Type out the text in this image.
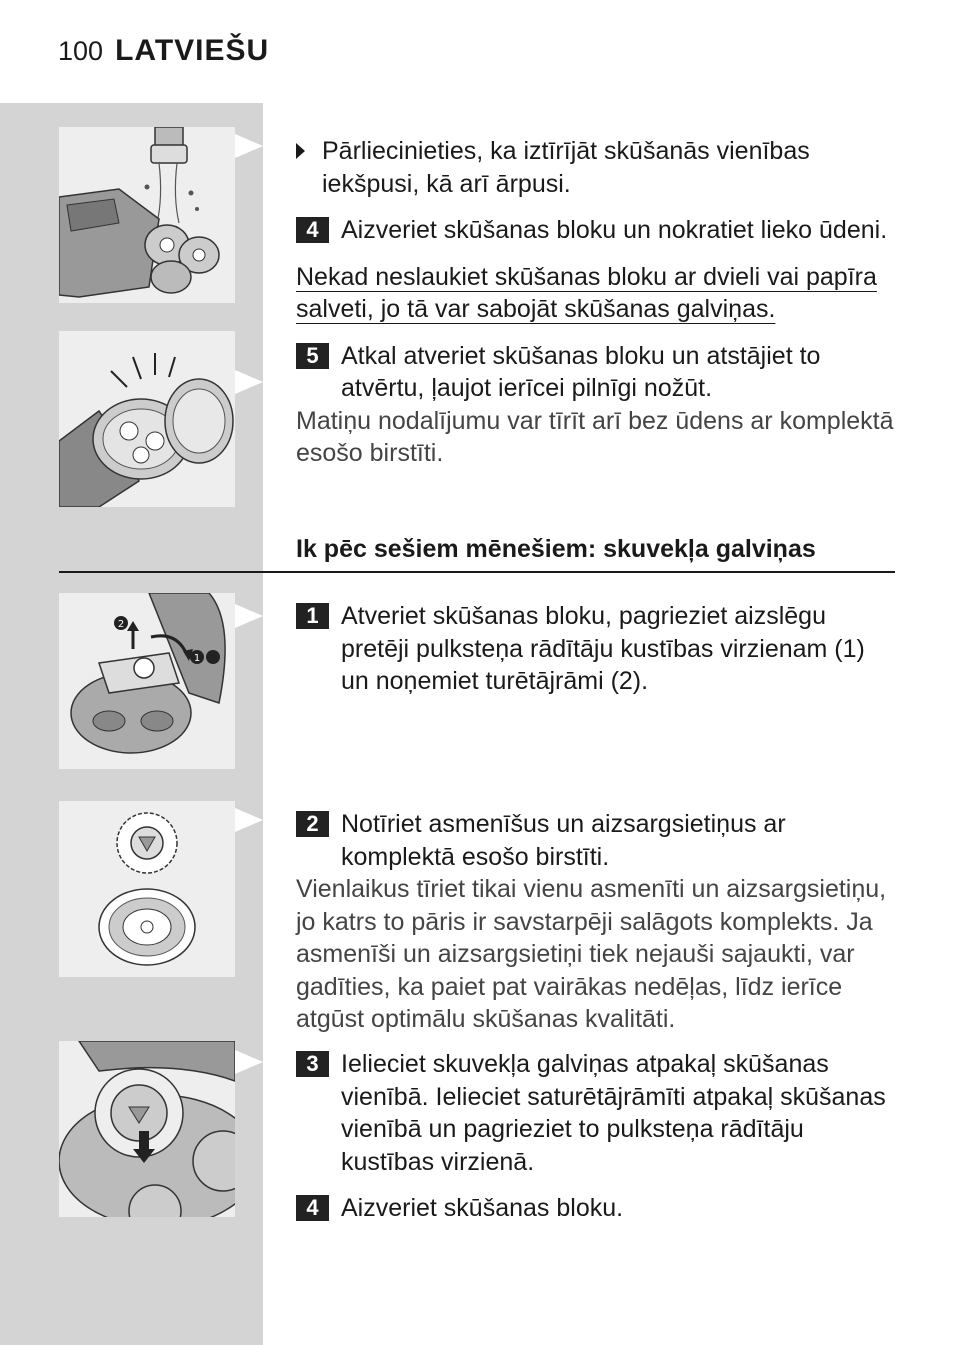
100 LATVIEŠU
Pārliecinieties, ka iztīrījāt skūšanās vienības iekšpusi, kā arī ārpusi.
4 Aizveriet skūšanas bloku un nokratiet lieko ūdeni.
Nekad neslaukiet skūšanas bloku ar dvieli vai papīra salveti, jo tā var sabojāt skūšanas galviņas.
5 Atkal atveriet skūšanas bloku un atstājiet to atvērtu, ļaujot ierīcei pilnīgi nožūt.
Matiņu nodalījumu var tīrīt arī bez ūdens ar komplektā esošo birstīti.
Ik pēc sešiem mēnešiem: skuvekļa galviņas
2
1
1 Atveriet skūšanas bloku, pagrieziet aizslēgu pretēji pulksteņa rādītāju kustības virzienam (1) un noņemiet turētājrāmi (2).
2 Notīriet asmenīšus un aizsargsietiņus ar komplektā esošo birstīti.
Vienlaikus tīriet tikai vienu asmenīti un aizsargsietiņu, jo katrs to pāris ir savstarpēji salāgots komplekts. Ja asmenīši un aizsargsietiņi tiek nejauši sajaukti, var gadīties, ka paiet pat vairākas nedēļas, līdz ierīce atgūst optimālu skūšanas kvalitāti.
3 Ielieciet skuvekļa galviņas atpakaļ skūšanas vienībā. Ielieciet saturētājrāmīti atpakaļ skūšanas vienībā un pagrieziet to pulksteņa rādītāju kustības virzienā.
4 Aizveriet skūšanas bloku.
